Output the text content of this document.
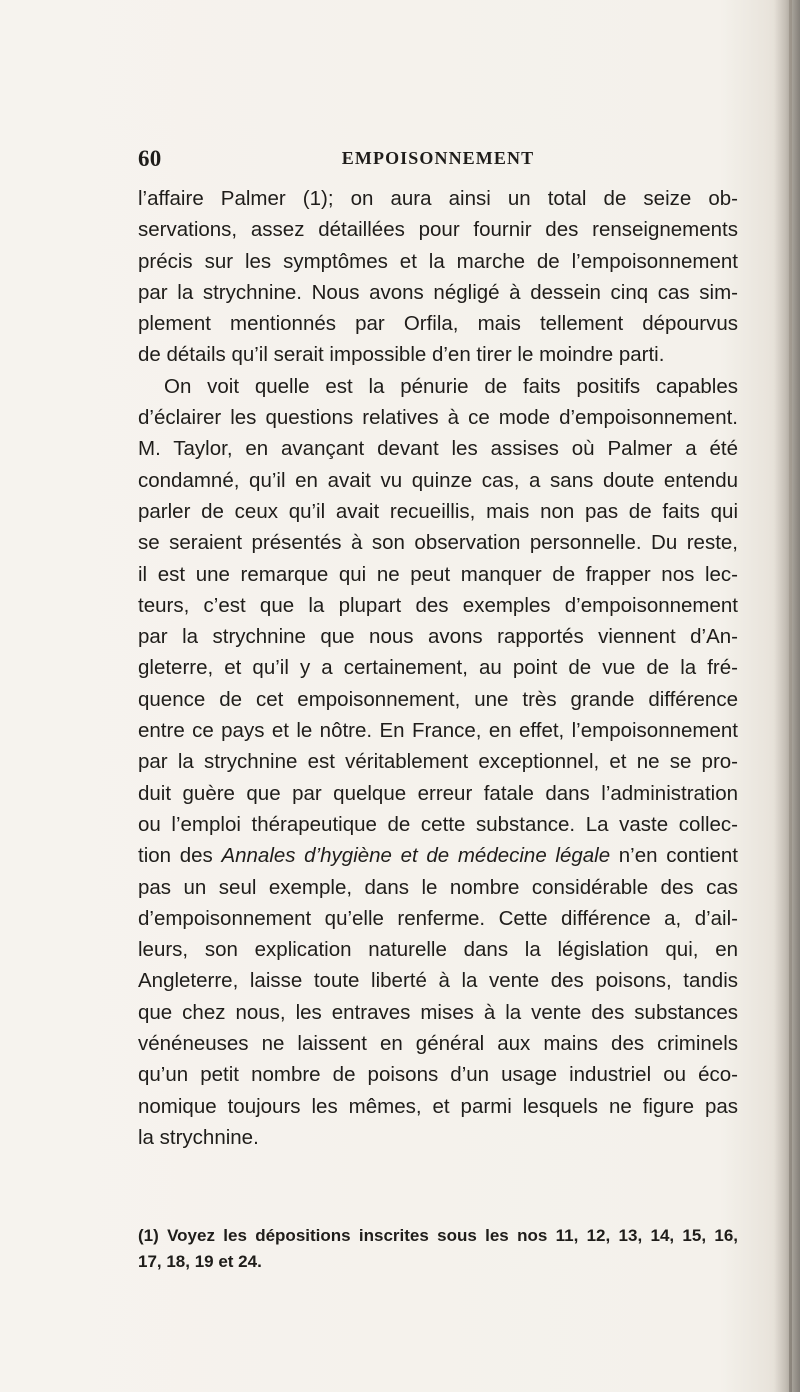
60	EMPOISONNEMENT
l’affaire Palmer (1); on aura ainsi un total de seize ob-
servations, assez détaillées pour fournir des renseignements
précis sur les symptômes et la marche de l’empoisonnement
par la strychnine. Nous avons négligé à dessein cinq cas sim-
plement mentionnés par Orfila, mais tellement dépourvus
de détails qu’il serait impossible d’en tirer le moindre parti.
On voit quelle est la pénurie de faits positifs capables
d’éclairer les questions relatives à ce mode d’empoisonnement.
M. Taylor, en avançant devant les assises où Palmer a été
condamné, qu’il en avait vu quinze cas, a sans doute entendu
parler de ceux qu’il avait recueillis, mais non pas de faits qui
se seraient présentés à son observation personnelle. Du reste,
il est une remarque qui ne peut manquer de frapper nos lec-
teurs, c’est que la plupart des exemples d’empoisonnement
par la strychnine que nous avons rapportés viennent d’An-
gleterre, et qu’il y a certainement, au point de vue de la fré-
quence de cet empoisonnement, une très grande différence
entre ce pays et le nôtre. En France, en effet, l’empoisonnement
par la strychnine est véritablement exceptionnel, et ne se pro-
duit guère que par quelque erreur fatale dans l’administration
ou l’emploi thérapeutique de cette substance. La vaste collec-
tion des Annales d’hygiène et de médecine légale n’en contient
pas un seul exemple, dans le nombre considérable des cas
d’empoisonnement qu’elle renferme. Cette différence a, d’ail-
leurs, son explication naturelle dans la législation qui, en
Angleterre, laisse toute liberté à la vente des poisons, tandis
que chez nous, les entraves mises à la vente des substances
vénéneuses ne laissent en général aux mains des criminels
qu’un petit nombre de poisons d’un usage industriel ou éco-
nomique toujours les mêmes, et parmi lesquels ne figure pas
la strychnine.
(1) Voyez les dépositions inscrites sous les nos 11, 12, 13, 14, 15, 16,
17, 18, 19 et 24.
